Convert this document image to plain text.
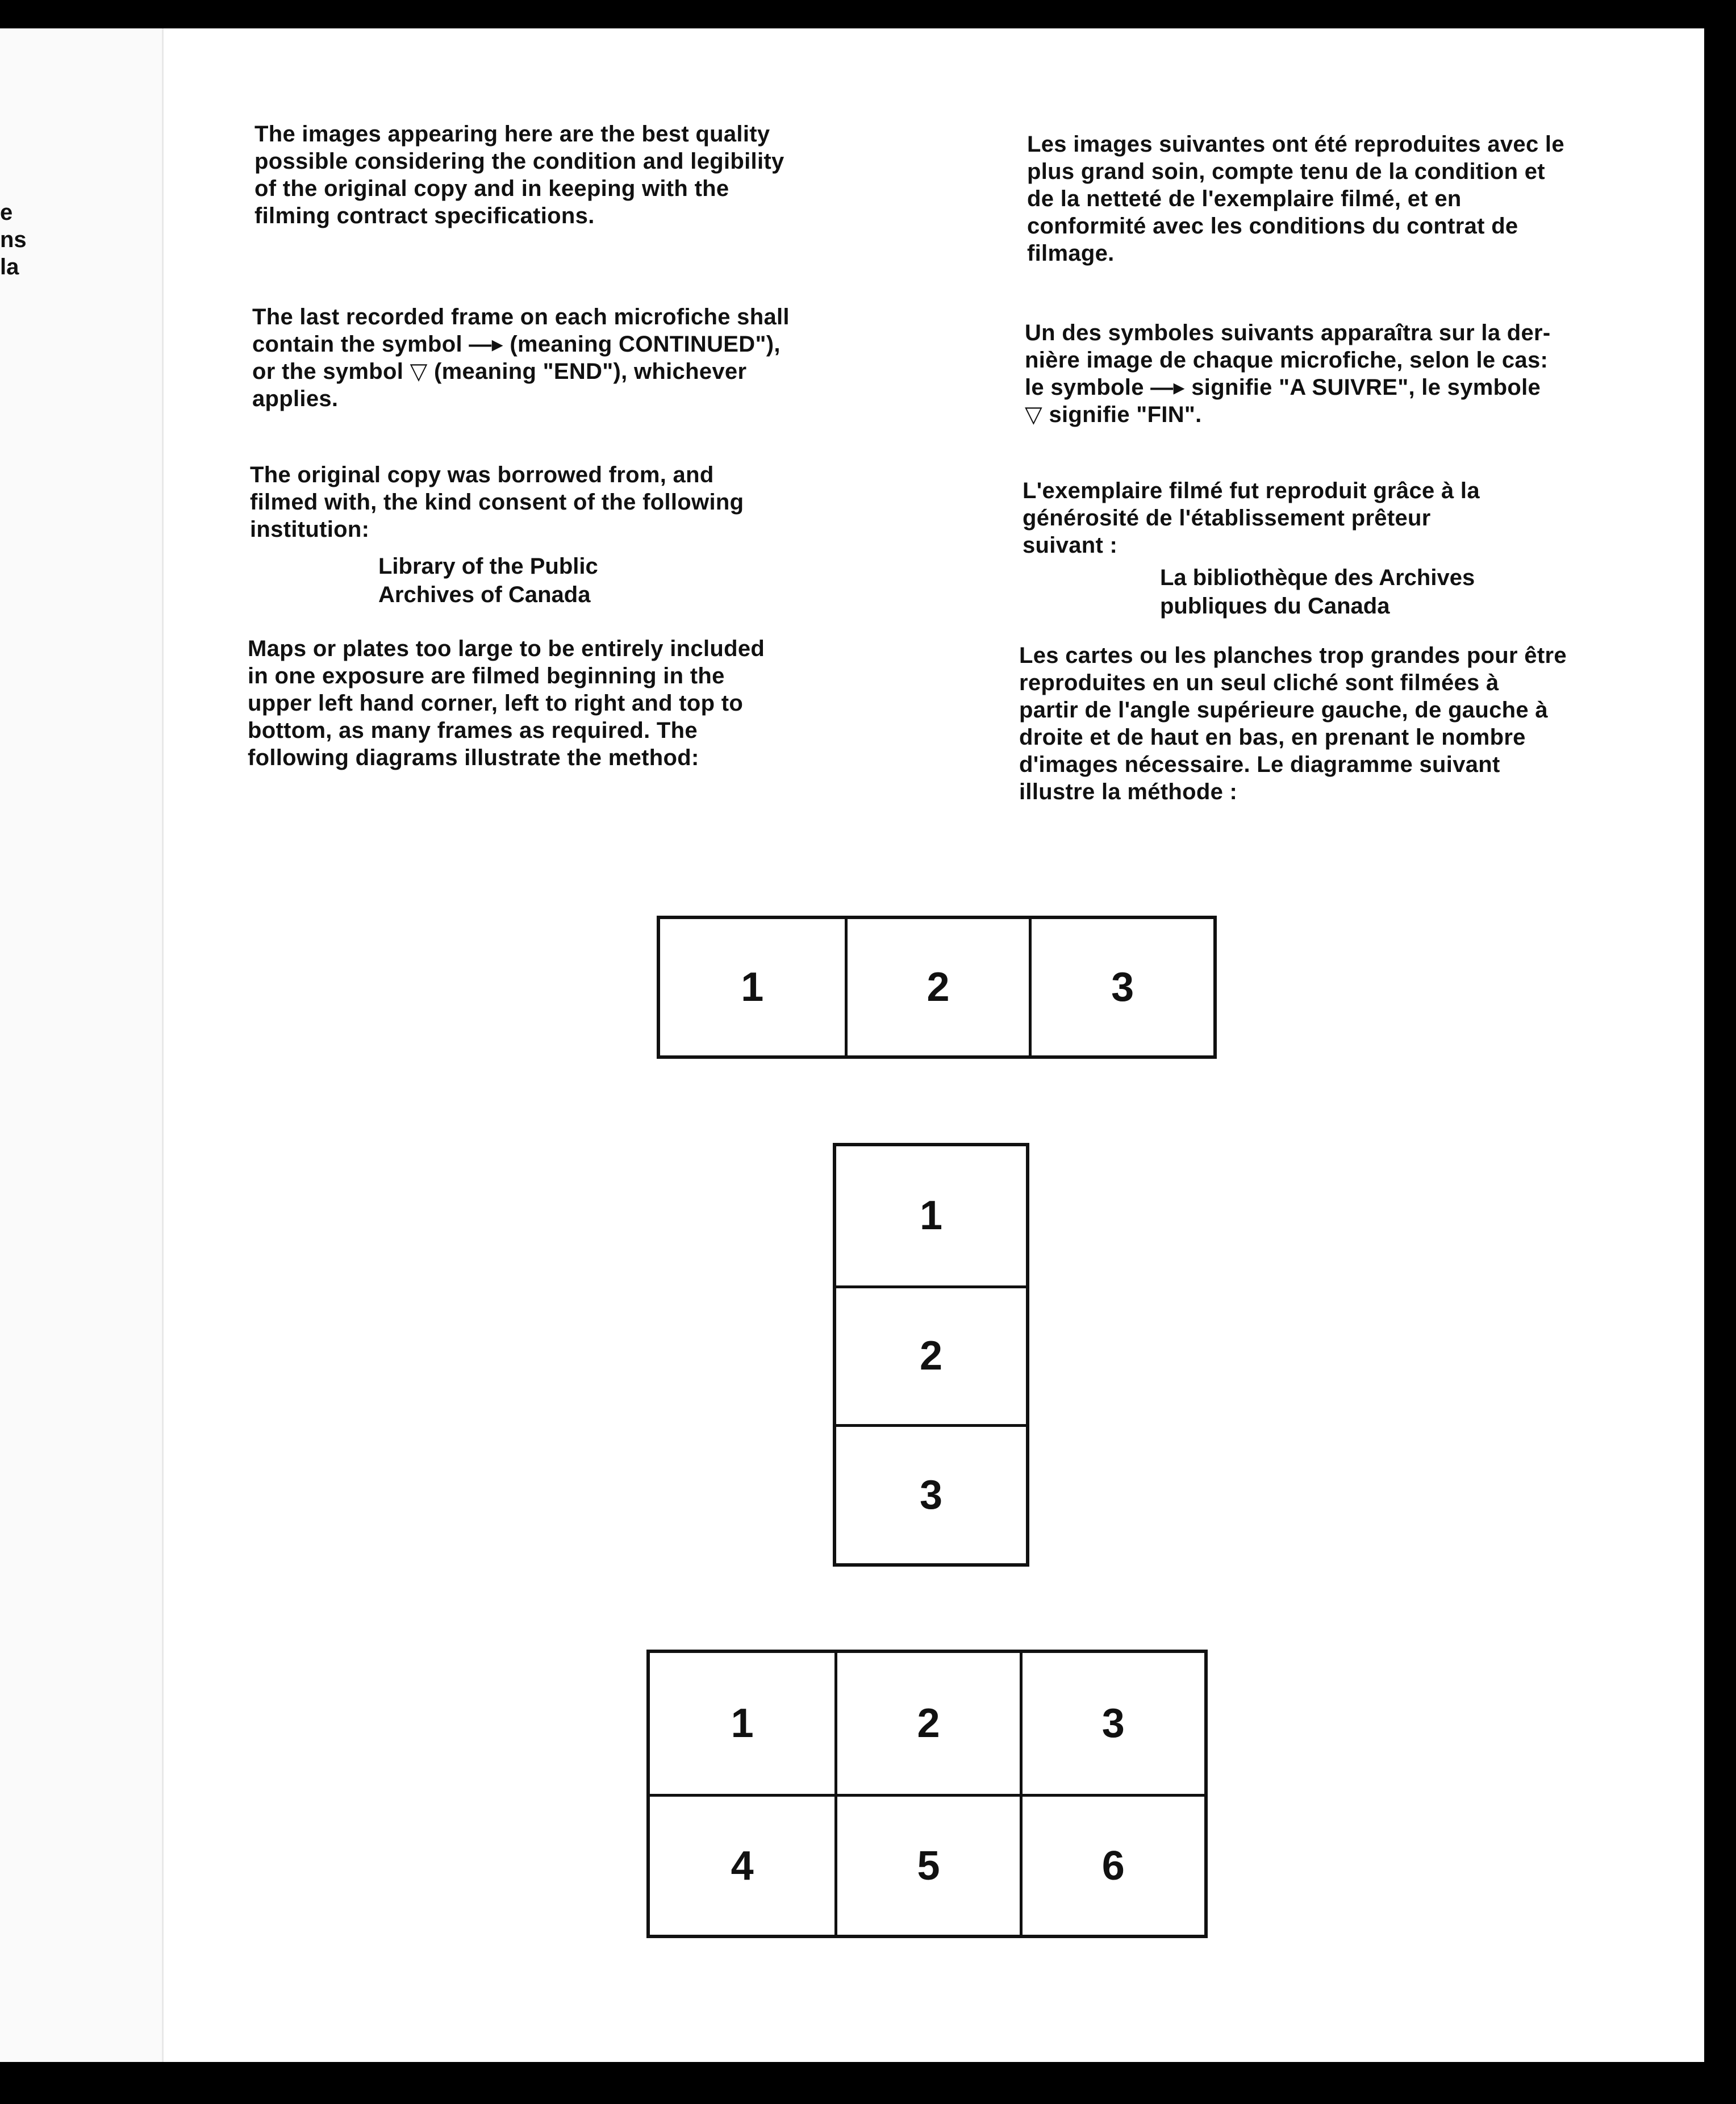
e
ns
la
The images appearing here are the best quality
possible considering the condition and legibility
of the original copy and in keeping with the
filming contract specifications.
The last recorded frame on each microfiche shall
contain the symbol —▸ (meaning CONTINUED"),
or the symbol ▽ (meaning "END"), whichever
applies.
The original copy was borrowed from, and
filmed with, the kind consent of the following
institution:
Library of the Public
Archives of Canada
Maps or plates too large to be entirely included
in one exposure are filmed beginning in the
upper left hand corner, left to right and top to
bottom, as many frames as required. The
following diagrams illustrate the method:
Les images suivantes ont été reproduites avec le
plus grand soin, compte tenu de la condition et
de la netteté de l'exemplaire filmé, et en
conformité avec les conditions du contrat de
filmage.
Un des symboles suivants apparaîtra sur la der-
nière image de chaque microfiche, selon le cas:
le symbole —▸ signifie "A SUIVRE", le symbole
▽ signifie "FIN".
L'exemplaire filmé fut reproduit grâce à la
générosité de l'établissement prêteur
suivant :
La bibliothèque des Archives
publiques du Canada
Les cartes ou les planches trop grandes pour être
reproduites en un seul cliché sont filmées à
partir de l'angle supérieure gauche, de gauche à
droite et de haut en bas, en prenant le nombre
d'images nécessaire. Le diagramme suivant
illustre la méthode :
1	2	3
1
2
3
1	2	3
4	5	6
